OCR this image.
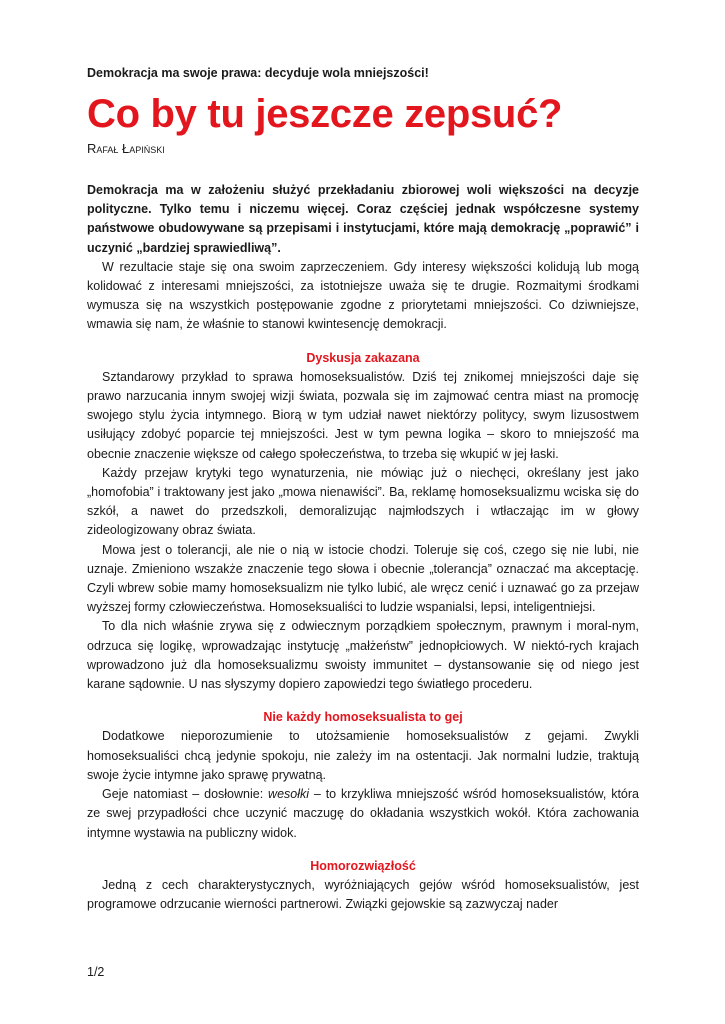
Demokracja ma swoje prawa: decyduje wola mniejszości!
Co by tu jeszcze zepsuć?
Rafał Łapiński

Demokracja ma w założeniu służyć przekładaniu zbiorowej woli większości na decyzje polityczne. Tylko temu i niczemu więcej. Coraz częściej jednak współczesne systemy państwowe obudowywane są przepisami i instytucjami, które mają demokrację „poprawić” i uczynić „bardziej sprawiedliwą”.

W rezultacie staje się ona swoim zaprzeczeniem. Gdy interesy większości kolidują lub mogą kolidować z interesami mniejszości, za istotniejsze uważa się te drugie. Rozmaitymi środkami wymusza się na wszystkich postępowanie zgodne z priorytetami mniejszości. Co dziwniejsze, wmawia się nam, że właśnie to stanowi kwintesencję demokracji.

Dyskusja zakazana

Sztandarowy przykład to sprawa homoseksualistów. Dziś tej znikomej mniejszości daje się prawo narzucania innym swojej wizji świata, pozwala się im zajmować centra miast na promocję swojego stylu życia intymnego. Biorą w tym udział nawet niektórzy politycy, swym lizusostwem usiłujący zdobyć poparcie tej mniejszości. Jest w tym pewna logika – skoro to mniejszość ma obecnie znaczenie większe od całego społeczeństwa, to trzeba się wkupić w jej łaski.

Każdy przejaw krytyki tego wynaturzenia, nie mówiąc już o niechęci, określany jest jako „homofobia” i traktowany jest jako „mowa nienawiści”. Ba, reklamę homoseksualizmu wciska się do szkół, a nawet do przedszkoli, demoralizując najmłodszych i wtłaczając im w głowy zideologizowany obraz świata.

Mowa jest o tolerancji, ale nie o nią w istocie chodzi. Toleruje się coś, czego się nie lubi, nie uznaje. Zmieniono wszakże znaczenie tego słowa i obecnie „tolerancja” oznaczać ma akceptację. Czyli wbrew sobie mamy homoseksualizm nie tylko lubić, ale wręcz cenić i uznawać go za przejaw wyższej formy człowieczeństwa. Homoseksualiści to ludzie wspanialsi, lepsi, inteligentniejsi.

To dla nich właśnie zrywa się z odwiecznym porządkiem społecznym, prawnym i moral-nym, odrzuca się logikę, wprowadzając instytucję „małżeństw” jednopłciowych. W niektó-rych krajach wprowadzono już dla homoseksualizmu swoisty immunitet – dystansowanie się od niego jest karane sądownie. U nas słyszymy dopiero zapowiedzi tego światłego procederu.

Nie każdy homoseksualista to gej

Dodatkowe nieporozumienie to utożsamienie homoseksualistów z gejami. Zwykli homoseksualiści chcą jedynie spokoju, nie zależy im na ostentacji. Jak normalni ludzie, traktują swoje życie intymne jako sprawę prywatną.

Geje natomiast – dosłownie: wesołki – to krzykliwa mniejszość wśród homoseksualistów, która ze swej przypadłości chce uczynić maczugę do okładania wszystkich wokół. Która zachowania intymne wystawia na publiczny widok.

Homorozwiązłość

Jedną z cech charakterystycznych, wyróżniających gejów wśród homoseksualistów, jest programowe odrzucanie wierności partnerowi. Związki gejowskie są zazwyczaj nader

1/2
